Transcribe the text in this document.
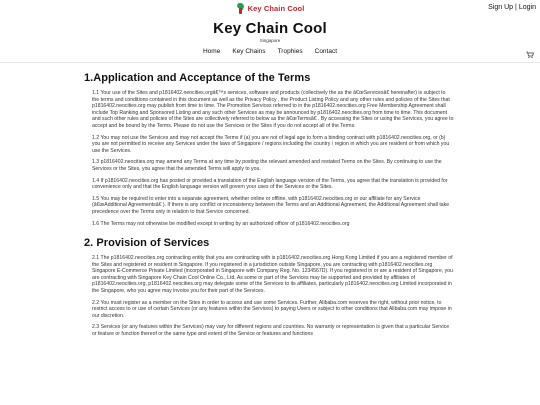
Key Chain Cool	Sign Up | Login
Key Chain Cool
Singapore
Home Key Chains Trophies Contact
1.Application and Acceptance of the Terms

1.1 Your use of the Sites and p1816402.neocities.orgâ€™s services, software and products (collectively the as the â€œServicesâ€ hereinafter) is subject to the terms and conditions contained in this document as well as the Privacy Policy , the Product Listing Policy and any other rules and policies of the Sites that p1816402.neocities.org may publish from time to time. The Promotion Services referred to in the p1816402.neocities.org Free Membership Agreement shall include Top Ranking and Sponsored Listing and any such other Services as may be announced by p1816402.neocities.org from time to time. This document and such other rules and policies of the Sites are collectively referred to below as the â€œTermsâ€ . By accessing the Sites or using the Services, you agree to accept and be bound by the Terms. Please do not use the Services or the Sites if you do not accept all of the Terms.

1.2 You may not use the Services and may not accept the Terms if (a) you are not of legal age to form a binding contract with p1816402.neocities.org, or (b) you are not permitted to receive any Services under the laws of Singapore / regions including the country / region in which you are resident or from which you use the Services.

1.3 p1816402.neocities.org may amend any Terms at any time by posting the relevant amended and restated Terms on the Sites. By continuing to use the Services or the Sites, you agree that the amended Terms will apply to you.

1.4 If p1816402.neocities.org has posted or provided a translation of the English language version of the Terms, you agree that the translation is provided for convenience only and that the English language version will govern your uses of the Services or the Sites.

1.5 You may be required to enter into a separate agreement, whether online or offline, with p1816402.neocities.org or our affiliate for any Service (â€œAdditional Agreementsâ€ ). If there is any conflict or inconsistency between the Terms and an Additional Agreement, the Additional Agreement shall take precedence over the Terms only in relation to that Service concerned.

1.6 The Terms may not otherwise be modified except in writing by an authorized officer of p1816402.neocities.org

2. Provision of Services

2.1 The p1816402.neocities.org contracting entity that you are contracting with is p1816402.neocities.org Hong Kong Limited if you are a registered member of the Sites and registered or resident in Singapore. If you registered in a jurisdiction outside Singapore, you are contracting with p1816402.neocities.org Singapore E-Commerce Private Limited (incorporated in Singapore with Company Reg. No. 1234567D). If you registered in or are a resident of Singapore, you are contracting with Singapore Key Chain Cool Online Co., Ltd. As some or part of the Services may be supported and provided by affiliates of p1816402.neocities.org, p1816402.neocities.org may delegate some of the Services to its affiliates, particularly p1816402.neocities.org Limited incorporated in the Singapore, who you agree may invoice you for their part of the Services.

2.2 You must register as a member on the Sites in order to access and use some Services. Further, Alibaba.com reserves the right, without prior notice, to restrict access to or use of certain Services (or any features within the Services) to paying Users or subject to other conditions that Alibaba.com may impose in our discretion.

2.3 Services (or any features within the Services) may vary for different regions and countries. No warranty or representation is given that a particular Service or feature or function thereof or the same type and extent of the Service or features and functions
